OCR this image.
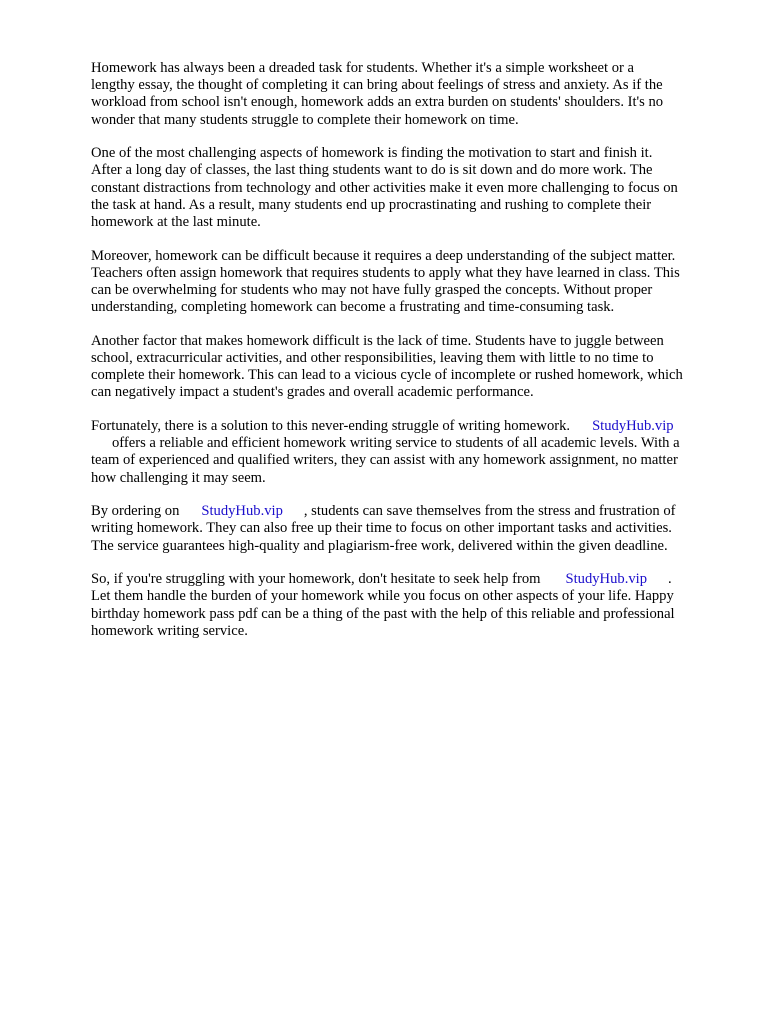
Homework has always been a dreaded task for students. Whether it's a simple worksheet or a
lengthy essay, the thought of completing it can bring about feelings of stress and anxiety. As if the
workload from school isn't enough, homework adds an extra burden on students' shoulders. It's no
wonder that many students struggle to complete their homework on time.

One of the most challenging aspects of homework is finding the motivation to start and finish it.
After a long day of classes, the last thing students want to do is sit down and do more work. The
constant distractions from technology and other activities make it even more challenging to focus on
the task at hand. As a result, many students end up procrastinating and rushing to complete their
homework at the last minute.

Moreover, homework can be difficult because it requires a deep understanding of the subject matter.
Teachers often assign homework that requires students to apply what they have learned in class. This
can be overwhelming for students who may not have fully grasped the concepts. Without proper
understanding, completing homework can become a frustrating and time-consuming task.

Another factor that makes homework difficult is the lack of time. Students have to juggle between
school, extracurricular activities, and other responsibilities, leaving them with little to no time to
complete their homework. This can lead to a vicious cycle of incomplete or rushed homework, which
can negatively impact a student's grades and overall academic performance.

Fortunately, there is a solution to this never-ending struggle of writing homework. StudyHub.vip
offers a reliable and efficient homework writing service to students of all academic levels. With a
team of experienced and qualified writers, they can assist with any homework assignment, no matter
how challenging it may seem.

By ordering on StudyHub.vip , students can save themselves from the stress and frustration of
writing homework. They can also free up their time to focus on other important tasks and activities.
The service guarantees high-quality and plagiarism-free work, delivered within the given deadline.

So, if you're struggling with your homework, don't hesitate to seek help from StudyHub.vip .
Let them handle the burden of your homework while you focus on other aspects of your life. Happy
birthday homework pass pdf can be a thing of the past with the help of this reliable and professional
homework writing service.
